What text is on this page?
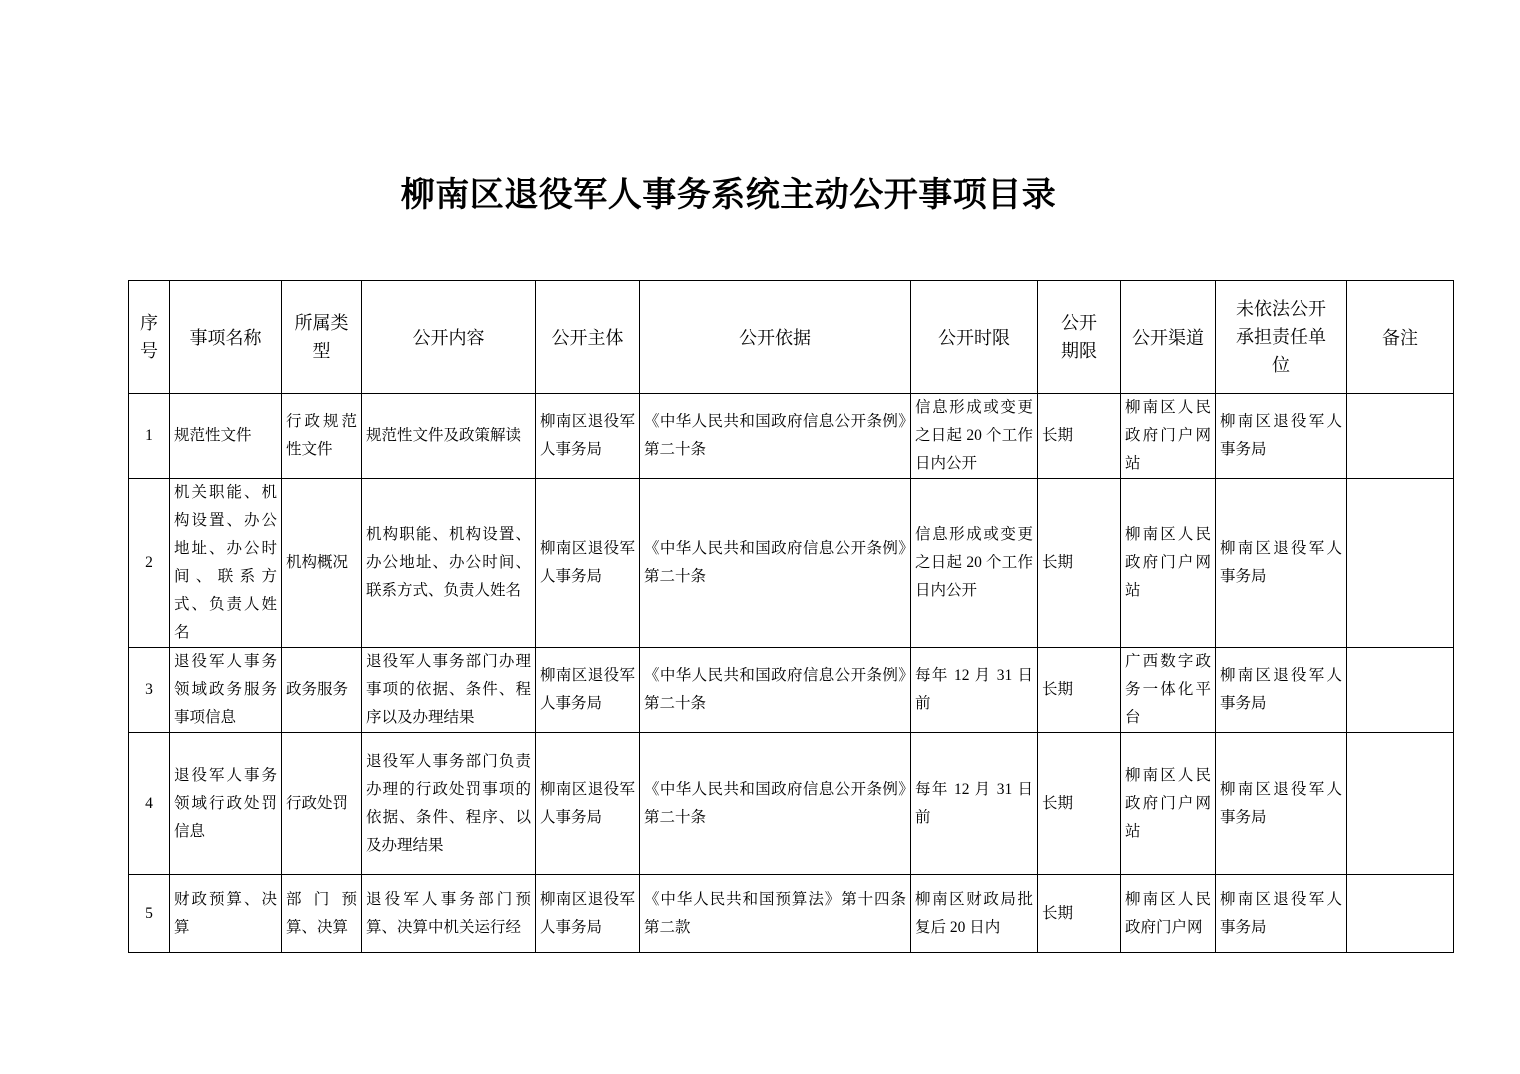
柳南区退役军人事务系统主动公开事项目录
序号	事项名称	所属类型	公开内容	公开主体	公开依据	公开时限	公开期限	公开渠道	未依法公开承担责任单位	备注
1	规范性文件	行政规范性文件	规范性文件及政策解读	柳南区退役军人事务局	《中华人民共和国政府信息公开条例》第二十条	信息形成或变更之日起 20 个工作日内公开	长期	柳南区人民政府门户网站	柳南区退役军人事务局	
2	机关职能、机构设置、办公地址、办公时间、联系方式、负责人姓名	机构概况	机构职能、机构设置、办公地址、办公时间、联系方式、负责人姓名	柳南区退役军人事务局	《中华人民共和国政府信息公开条例》第二十条	信息形成或变更之日起 20 个工作日内公开	长期	柳南区人民政府门户网站	柳南区退役军人事务局	
3	退役军人事务领域政务服务事项信息	政务服务	退役军人事务部门办理事项的依据、条件、程序以及办理结果	柳南区退役军人事务局	《中华人民共和国政府信息公开条例》第二十条	每年 12 月 31 日前	长期	广西数字政务一体化平台	柳南区退役军人事务局	
4	退役军人事务领域行政处罚信息	行政处罚	退役军人事务部门负责办理的行政处罚事项的依据、条件、程序、以及办理结果	柳南区退役军人事务局	《中华人民共和国政府信息公开条例》第二十条	每年 12 月 31 日前	长期	柳南区人民政府门户网站	柳南区退役军人事务局	
5	财政预算、决算	部门预算、决算	退役军人事务部门预算、决算中机关运行经	柳南区退役军人事务局	《中华人民共和国预算法》第十四条第二款	柳南区财政局批复后 20 日内	长期	柳南区人民政府门户网	柳南区退役军人事务局	
